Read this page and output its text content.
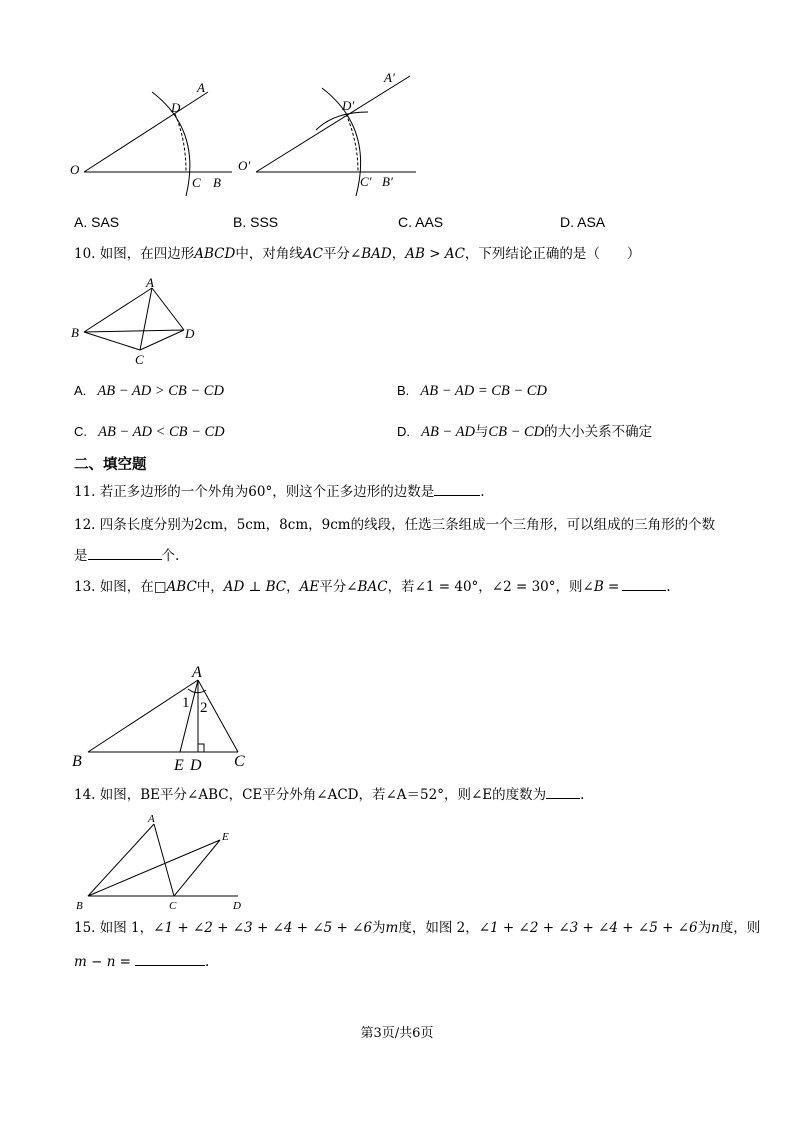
O
D
A
C B
O′
D′
A′
C′ B′
A. SAS	B. SSS	C. AAS	D. ASA
10. 如图，在四边形ABCD中，对角线AC平分∠BAD，AB > AC，下列结论正确的是（　　）
A
B
C
D
A. AB − AD > CB − CD	B. AB − AD = CB − CD
C. AB − AD < CB − CD	D. AB − AD与CB − CD的大小关系不确定
二、填空题
11. 若正多边形的一个外角为60°，则这个正多边形的边数是	.
12. 四条长度分别为2cm，5cm，8cm，9cm的线段，任选三条组成一个三角形，可以组成的三角形的个数
是	个.
13. 如图，在□ABC中，AD ⊥ BC，AE平分∠BAC，若∠1 = 40°，∠2 = 30°，则∠B =	.
A
B	C
E D
1 2
14. 如图，BE平分∠ABC，CE平分外角∠ACD，若∠A＝52°，则∠E的度数为	.
A
B	C	D
E
15. 如图 1，∠1 + ∠2 + ∠3 + ∠4 + ∠5 + ∠6为m度，如图 2，∠1 + ∠2 + ∠3 + ∠4 + ∠5 + ∠6为n度，则
m − n =	.
第3页/共6页
